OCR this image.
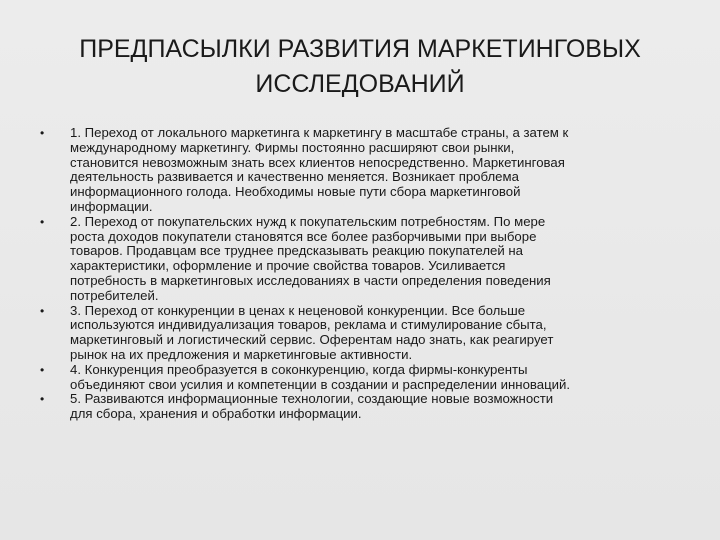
ПРЕДПАСЫЛКИ РАЗВИТИЯ МАРКЕТИНГОВЫХ
ИССЛЕДОВАНИЙ
•	1. Переход от локального маркетинга к маркетингу в масштабе страны, а затем к
международному маркетингу. Фирмы постоянно расширяют свои рынки,
становится невозможным знать всех клиентов непосредственно. Маркетинговая
деятельность развивается и качественно меняется. Возникает проблема
информационного голода. Необходимы новые пути сбора маркетинговой
информации.
•	2. Переход от покупательских нужд к покупательским потребностям. По мере
роста доходов покупатели становятся все более разборчивыми при выборе
товаров. Продавцам все труднее предсказывать реакцию покупателей на
характеристики, оформление и прочие свойства товаров. Усиливается
потребность в маркетинговых исследованиях в части определения поведения
потребителей.
•	3. Переход от конкуренции в ценах к неценовой конкуренции. Все больше
используются индивидуализация товаров, реклама и стимулирование сбыта,
маркетинговый и логистический сервис. Оферентам надо знать, как реагирует
рынок на их предложения и маркетинговые активности.
•	4. Конкуренция преобразуется в соконкуренцию, когда фирмы-конкуренты
объединяют свои усилия и компетенции в создании и распределении инноваций.
•	5. Развиваются информационные технологии, создающие новые возможности
для сбора, хранения и обработки информации.
